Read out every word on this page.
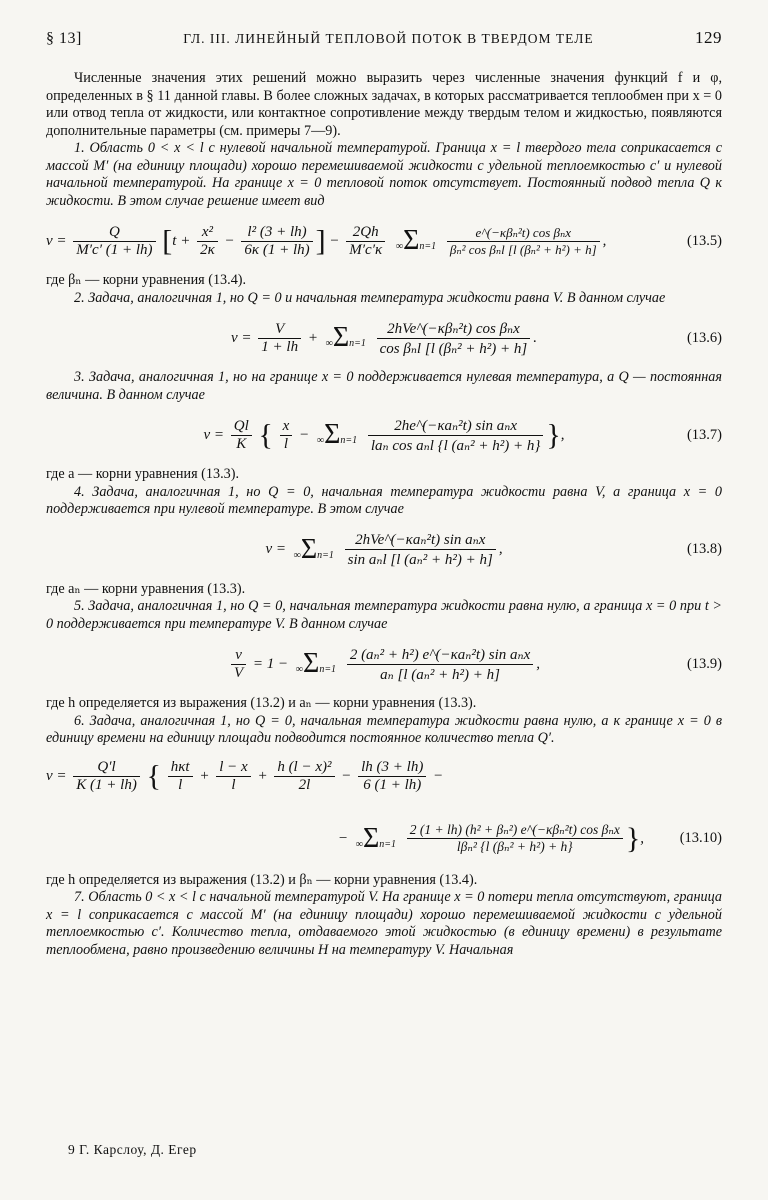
§ 13]	ГЛ. III. ЛИНЕЙНЫЙ ТЕПЛОВОЙ ПОТОК В ТВЕРДОМ ТЕЛЕ	129

Численные значения этих решений можно выразить через численные значения функций f и φ, определенных в § 11 данной главы. В более сложных задачах, в которых рассматривается теплообмен при x = 0 или отвод тепла от жидкости, или контактное сопротивление между твердым телом и жидкостью, появляются дополнительные параметры (см. примеры 7—9).

1. Область 0 < x < l с нулевой начальной температурой. Граница x = l твердого тела соприкасается с массой M′ (на единицу площади) хорошо перемешиваемой жидкости с удельной теплоемкостью c′ и нулевой начальной температурой. На границе x = 0 тепловой поток отсутствует. Постоянный подвод тепла Q к жидкости. В этом случае решение имеет вид

$v = \frac{Q}{M'c' (1 + lh)} [t + \frac{\text{x²}}{2\kappa} - \frac{\text{l² (3 + lh)}}{6\kappa (1 + lh)}$ ] − $\frac{2Qh}{M'c'\kappa} \infty\Sigma n=1 \frac{\text{e\textasciicircum{}(−κβₙ²t) cos βₙx}}{\text{βₙ² cos βₙl [l (βₙ² + h²) + h]}}$ ,	(13.5)

где βₙ — корни уравнения (13.4).

2. Задача, аналогичная 1, но Q = 0 и начальная температура жидкости равна V. В данном случае

$v = \frac{V}{1 + lh} + \infty\Sigma n=1 \frac{\text{2hVe\textasciicircum{}(−κβₙ²t) cos βₙx}}{\text{cos βₙl [l (βₙ² + h²) + h]}}$ .	(13.6)

3. Задача, аналогичная 1, но на границе x = 0 поддерживается нулевая температура, а Q — постоянная величина. В данном случае

$v = \frac{Ql}{K}$ { $\frac{x}{l} - \infty\Sigma n=1 \frac{\text{2he\textasciicircum{}(−κaₙ²t) sin aₙx}}{\text{laₙ cos aₙl \{l (aₙ² + h²) + h\}}}$ },	(13.7)

где a — корни уравнения (13.3).

4. Задача, аналогичная 1, но Q = 0, начальная температура жидкости равна V, а граница x = 0 поддерживается при нулевой температуре. В этом случае

$v = \infty\Sigma n=1 \frac{\text{2hVe\textasciicircum{}(−κaₙ²t) sin aₙx}}{\text{sin aₙl [l (aₙ² + h²) + h]}}$ ,	(13.8)

где aₙ — корни уравнения (13.3).

5. Задача, аналогичная 1, но Q = 0, начальная температура жидкости равна нулю, а граница x = 0 при t > 0 поддерживается при температуре V. В данном случае

$\frac{v}{V} = 1 - \infty\Sigma n=1 \frac{\text{2 (aₙ² + h²) e\textasciicircum{}(−κaₙ²t) sin aₙx}}{\text{aₙ [l (aₙ² + h²) + h]}}$ ,	(13.9)

где h определяется из выражения (13.2) и aₙ — корни уравнения (13.3).

6. Задача, аналогичная 1, но Q = 0, начальная температура жидкости равна нулю, а к границе x = 0 в единицу времени на единицу площади подводится постоянное количество тепла Q′.

$v = \frac{Q'l}{K (1 + lh)}$ { $\frac{\text{hκt}}{l} + \frac{l - x}{l} + \frac{\text{h (l − x)²}}{2l} - \frac{lh (3 + lh)}{6 (1 + lh)}$ −
− $\infty\Sigma n=1 \frac{\text{2 (1 + lh) (h² + βₙ²) e\textasciicircum{}(−κβₙ²t) cos βₙx}}{\text{lβₙ² \{l (βₙ² + h²) + h\}}}$ }, (13.10)

где h определяется из выражения (13.2) и βₙ — корни уравнения (13.4).

7. Область 0 < x < l с начальной температурой V. На границе x = 0 потери тепла отсутствуют, граница x = l соприкасается с массой M′ (на единицу площади) хорошо перемешиваемой жидкости с удельной теплоемкостью c′. Количество тепла, отдаваемого этой жидкостью (в единицу времени) в результате теплообмена, равно произведению величины H на температуру V. Начальная

9 Г. Карслоу, Д. Егер
